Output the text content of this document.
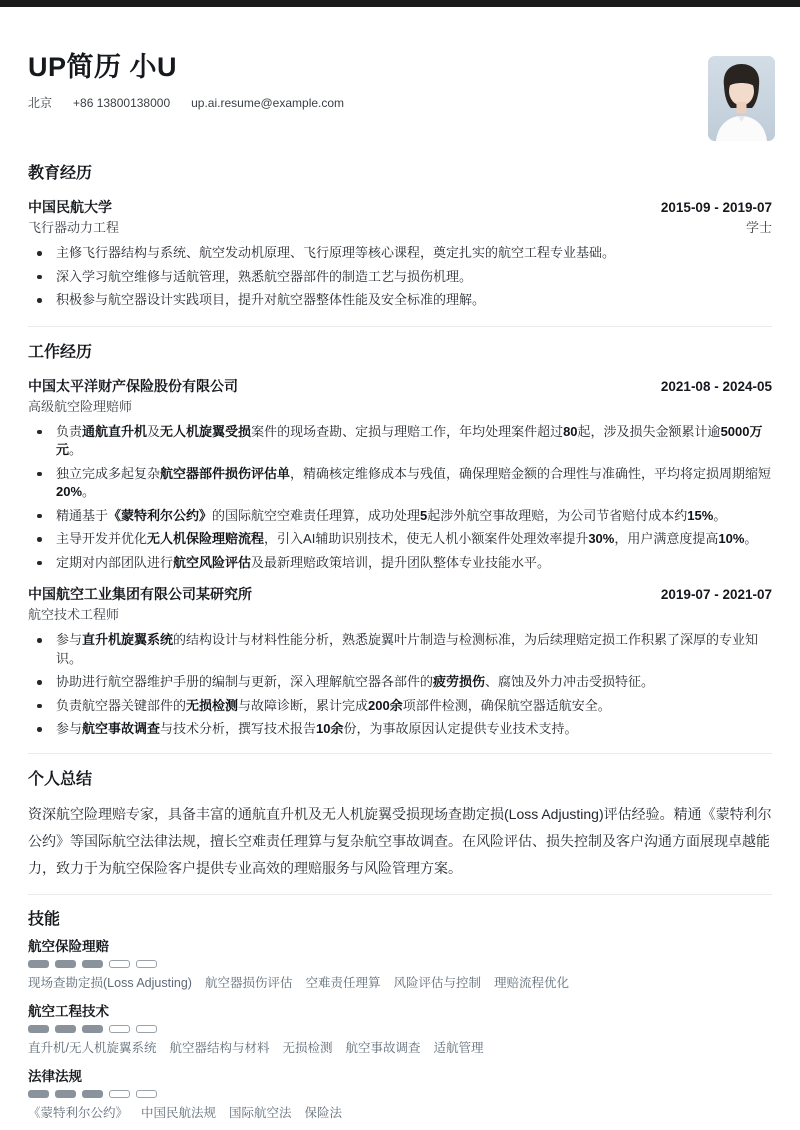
UP简历 小U
北京 +86 13800138000 up.ai.resume@example.com
教育经历
中国民航大学	2015-09 - 2019-07
飞行器动力工程	学士
主修飞行器结构与系统、航空发动机原理、飞行原理等核心课程，奠定扎实的航空工程专业基础。
深入学习航空维修与适航管理，熟悉航空器部件的制造工艺与损伤机理。
积极参与航空器设计实践项目，提升对航空器整体性能及安全标准的理解。
工作经历
中国太平洋财产保险股份有限公司	2021-08 - 2024-05
高级航空险理赔师
负责通航直升机及无人机旋翼受损案件的现场查勘、定损与理赔工作，年均处理案件超过80起，涉及损失金额累计逾5000万元。
独立完成多起复杂航空器部件损伤评估单，精确核定维修成本与残值，确保理赔金额的合理性与准确性，平均将定损周期缩短20%。
精通基于《蒙特利尔公约》的国际航空空难责任理算，成功处理5起涉外航空事故理赔，为公司节省赔付成本约15%。
主导开发并优化无人机保险理赔流程，引入AI辅助识别技术，使无人机小额案件处理效率提升30%，用户满意度提高10%。
定期对内部团队进行航空风险评估及最新理赔政策培训，提升团队整体专业技能水平。
中国航空工业集团有限公司某研究所	2019-07 - 2021-07
航空技术工程师
参与直升机旋翼系统的结构设计与材料性能分析，熟悉旋翼叶片制造与检测标准，为后续理赔定损工作积累了深厚的专业知识。
协助进行航空器维护手册的编制与更新，深入理解航空器各部件的疲劳损伤、腐蚀及外力冲击受损特征。
负责航空器关键部件的无损检测与故障诊断，累计完成200余项部件检测，确保航空器适航安全。
参与航空事故调查与技术分析，撰写技术报告10余份，为事故原因认定提供专业技术支持。
个人总结

资深航空险理赔专家，具备丰富的通航直升机及无人机旋翼受损现场查勘定损(Loss Adjusting)评估经验。精通《蒙特利尔公约》等国际航空法律法规，擅长空难责任理算与复杂航空事故调查。在风险评估、损失控制及客户沟通方面展现卓越能力，致力于为航空保险客户提供专业高效的理赔服务与风险管理方案。

技能
航空保险理赔
现场查勘定损(Loss Adjusting) 航空器损伤评估 空难责任理算 风险评估与控制 理赔流程优化
航空工程技术
直升机/无人机旋翼系统 航空器结构与材料 无损检测 航空事故调查 适航管理
法律法规
《蒙特利尔公约》 中国民航法规 国际航空法 保险法
